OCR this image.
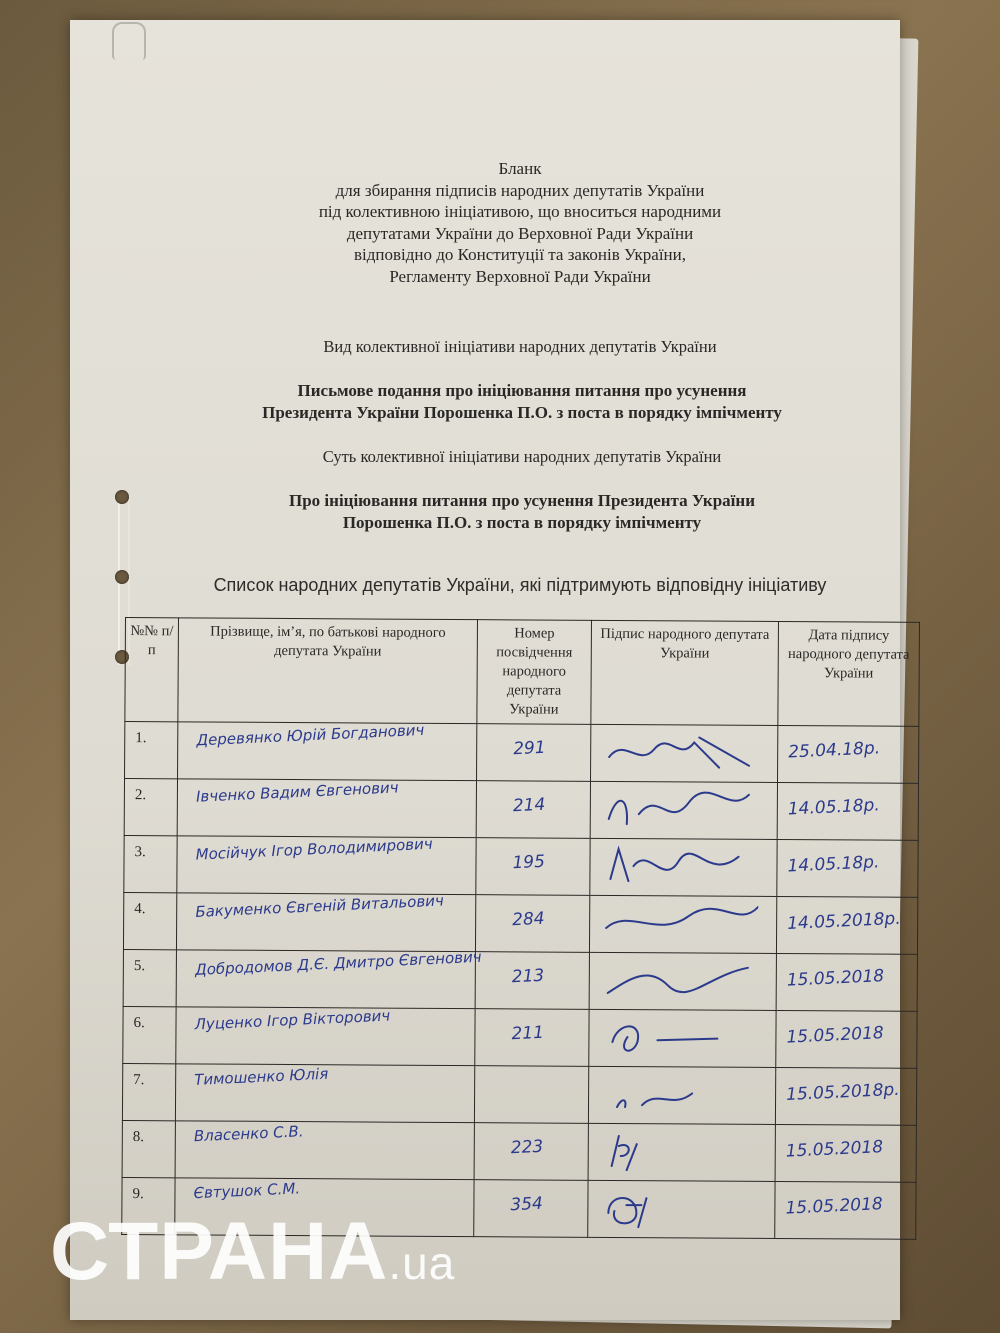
Бланк
для збирання підписів народних депутатів України
під колективною ініціативою, що вноситься народними
депутатами України до Верховної Ради України
відповідно до Конституції та законів України,
Регламенту Верховної Ради України
Вид колективної ініціативи народних депутатів України
Письмове подання про ініціювання питання про усунення
Президента України Порошенка П.О. з поста в порядку імпічменту
Суть колективної ініціативи народних депутатів України
Про ініціювання питання про усунення Президента України
Порошенка П.О. з поста в порядку імпічменту
Список народних депутатів України, які підтримують відповідну ініціативу
№№ п/п	Прізвище, ім’я, по батькові народного депутата України	Номер посвідчення народного депутата України	Підпис народного депутата України	Дата підпису народного депутата України
1.	Деревянко Юрій Богданович	291		25.04.18р.

2.	Івченко Вадим Євгенович	214		14.05.18р.

3.	Мосійчук Ігор Володимирович	195		14.05.18р.

4.	Бакуменко Євгеній Витальович	284		14.05.2018р.

5.	Добродомов Д.Є. Дмитро Євгенович	213		15.05.2018

6.	Луценко Ігор Вікторович	211		15.05.2018

7.	Тимошенко Юлія			15.05.2018р.

8.	Власенко С.В.	223		15.05.2018

9.	Євтушок С.М.	354		15.05.2018
СТРАНА.ua
